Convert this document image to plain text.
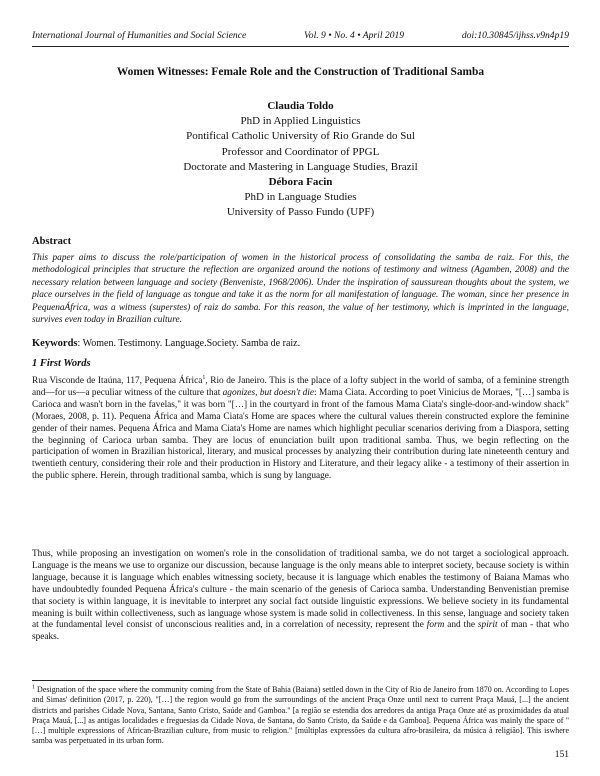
International Journal of Humanities and Social Science	Vol. 9 • No. 4 • April 2019	doi:10.30845/ijhss.v9n4p19
Women Witnesses: Female Role and the Construction of Traditional Samba
Claudia Toldo
PhD in Applied Linguistics
Pontifical Catholic University of Rio Grande do Sul
Professor and Coordinator of PPGL
Doctorate and Mastering in Language Studies, Brazil
Débora Facin
PhD in Language Studies
University of Passo Fundo (UPF)
Abstract
This paper aims to discuss the role/participation of women in the historical process of consolidating the samba de raiz. For this, the methodological principles that structure the reflection are organized around the notions of testimony and witness (Agamben, 2008) and the necessary relation between language and society (Benveniste, 1968/2006). Under the inspiration of saussurean thoughts about the system, we place ourselves in the field of language as tongue and take it as the norm for all manifestation of language. The woman, since her presence in PequenaÁfrica, was a witness (superstes) of raiz do samba. For this reason, the value of her testimony, which is imprinted in the language, survives even today in Brazilian culture.
Keywords: Women. Testimony. Language.Society. Samba de raiz.
1 First Words
Rua Visconde de Itaúna, 117, Pequena África$^1$, Rio de Janeiro. This is the place of a lofty subject in the world of samba, of a feminine strength and—for us—a peculiar witness of the culture that agonizes, but doesn't die: Mama Ciata. According to poet Vinicius de Moraes, "[…] samba is Carioca and wasn't born in the favelas," it was born "[…] in the courtyard in front of the famous Mama Ciata's single-door-and-window shack" (Moraes, 2008, p. 11). Pequena África and Mama Ciata's Home are spaces where the cultural values therein constructed explore the feminine gender of their names. Pequena África and Mama Ciata's Home are names which highlight peculiar scenarios deriving from a Diaspora, setting the beginning of Carioca urban samba. They are locus of enunciation built upon traditional samba. Thus, we begin reflecting on the participation of women in Brazilian historical, literary, and musical processes by analyzing their contribution during late nineteenth century and twentieth century, considering their role and their production in History and Literature, and their legacy alike - a testimony of their assertion in the public sphere. Herein, through traditional samba, which is sung by language.
Thus, while proposing an investigation on women's role in the consolidation of traditional samba, we do not target a sociological approach. Language is the means we use to organize our discussion, because language is the only means able to interpret society, because society is within language, because it is language which enables witnessing society, because it is language which enables the testimony of Baiana Mamas who have undoubtedly founded Pequena África's culture - the main scenario of the genesis of Carioca samba. Understanding Benvenistian premise that society is within language, it is inevitable to interpret any social fact outside linguistic expressions. We believe society in its fundamental meaning is built within collectiveness, such as language whose system is made solid in collectiveness. In this sense, language and society taken at the fundamental level consist of unconscious realities and, in a correlation of necessity, represent the form and the spirit of man - that who speaks.
$^1$ Designation of the space where the community coming from the State of Bahia (Baiana) settled down in the City of Rio de Janeiro from 1870 on. According to Lopes and Simas' definition (2017, p. 220), "[…] the region would go from the surroundings of the ancient Praça Onze until next to current Praça Mauá, [...] the ancient districts and parishes Cidade Nova, Santana, Santo Cristo, Saúde and Gamboa." [a região se estendia dos arredores da antiga Praça Onze até as proximidades da atual Praça Mauá, [...] as antigas localidades e freguesias da Cidade Nova, de Santana, do Santo Cristo, da Saúde e da Gamboa]. Pequena África was mainly the space of "[…] multiple expressions of African-Brazilian culture, from music to religion." [múltiplas expressões da cultura afro-brasileira, da música à religião]. This iswhere samba was perpetuated in its urban form.
151
